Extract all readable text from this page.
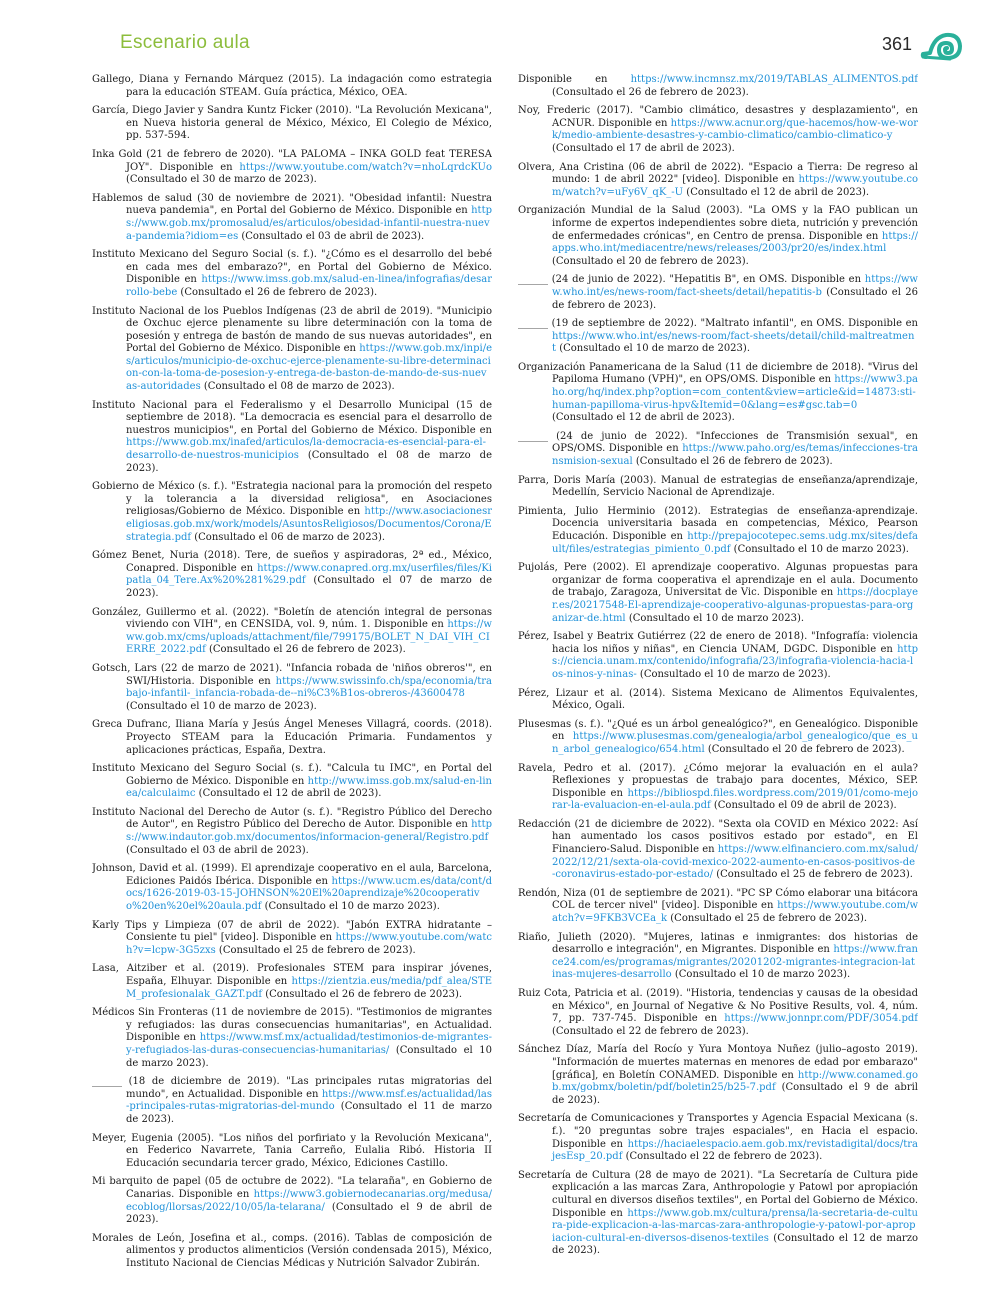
Escenario aula	361

Gallego, Diana y Fernando Márquez (2015). La indagación como estrategia para la educación STEAM. Guía práctica, México, OEA.

García, Diego Javier y Sandra Kuntz Ficker (2010). "La Revolución Mexicana", en Nueva historia general de México, México, El Colegio de México, pp. 537-594.

Inka Gold (21 de febrero de 2020). "LA PALOMA – INKA GOLD feat TERESA JOY". Disponible en https://www.youtube.com/watch?v=nhoLqrdcKUo (Consultado el 30 de marzo de 2023).

Hablemos de salud (30 de noviembre de 2021). "Obesidad infantil: Nuestra nueva pandemia", en Portal del Gobierno de México. Disponible en https://www.gob.mx/promosalud/es/articulos/obesidad-infantil-nuestra-nueva-pandemia?idiom=es (Consultado el 03 de abril de 2023).

Instituto Mexicano del Seguro Social (s. f.). "¿Cómo es el desarrollo del bebé en cada mes del embarazo?", en Portal del Gobierno de México. Disponible en https://www.imss.gob.mx/salud-en-linea/infografias/desarrollo-bebe (Consultado el 26 de febrero de 2023).

Instituto Nacional de los Pueblos Indígenas (23 de abril de 2019). "Municipio de Oxchuc ejerce plenamente su libre determinación con la toma de posesión y entrega de bastón de mando de sus nuevas autoridades", en Portal del Gobierno de México. Disponible en https://www.gob.mx/inpi/es/articulos/municipio-de-oxchuc-ejerce-plenamente-su-libre-determinacion-con-la-toma-de-posesion-y-entrega-de-baston-de-mando-de-sus-nuevas-autoridades (Consultado el 08 de marzo de 2023).

Instituto Nacional para el Federalismo y el Desarrollo Municipal (15 de septiembre de 2018). "La democracia es esencial para el desarrollo de nuestros municipios", en Portal del Gobierno de México. Disponible en https://www.gob.mx/inafed/articulos/la-democracia-es-esencial-para-el-desarrollo-de-nuestros-municipios (Consultado el 08 de marzo de 2023).

Gobierno de México (s. f.). "Estrategia nacional para la promoción del respeto y la tolerancia a la diversidad religiosa", en Asociaciones religiosas/Gobierno de México. Disponible en http://www.asociacionesreligiosas.gob.mx/work/models/AsuntosReligiosos/Documentos/Corona/Estrategia.pdf (Consultado el 06 de marzo de 2023).

Gómez Benet, Nuria (2018). Tere, de sueños y aspiradoras, 2ª ed., México, Conapred. Disponible en https://www.conapred.org.mx/userfiles/files/Kipatla_04_Tere.Ax%20%281%29.pdf (Consultado el 07 de marzo de 2023).

González, Guillermo et al. (2022). "Boletín de atención integral de personas viviendo con VIH", en CENSIDA, vol. 9, núm. 1. Disponible en https://www.gob.mx/cms/uploads/attachment/file/799175/BOLET_N_DAI_VIH_CIERRE_2022.pdf (Consultado el 26 de febrero de 2023).

Gotsch, Lars (22 de marzo de 2021). "Infancia robada de 'niños obreros'", en SWI/Historia. Disponible en https://www.swissinfo.ch/spa/economia/trabajo-infantil-_infancia-robada-de--ni%C3%B1os-obreros-/43600478 (Consultado el 10 de marzo de 2023).

Greca Dufranc, Iliana María y Jesús Ángel Meneses Villagrá, coords. (2018). Proyecto STEAM para la Educación Primaria. Fundamentos y aplicaciones prácticas, España, Dextra.

Instituto Mexicano del Seguro Social (s. f.). "Calcula tu IMC", en Portal del Gobierno de México. Disponible en http://www.imss.gob.mx/salud-en-linea/calculaimc (Consultado el 12 de abril de 2023).

Instituto Nacional del Derecho de Autor (s. f.). "Registro Público del Derecho de Autor", en Registro Público del Derecho de Autor. Disponible en https://www.indautor.gob.mx/documentos/informacion-general/Registro.pdf (Consultado el 03 de abril de 2023).

Johnson, David et al. (1999). El aprendizaje cooperativo en el aula, Barcelona, Ediciones Paidós Ibérica. Disponible en https://www.ucm.es/data/cont/docs/1626-2019-03-15-JOHNSON%20El%20aprendizaje%20cooperativo%20en%20el%20aula.pdf (Consultado el 10 de marzo 2023).

Karly Tips y Limpieza (07 de abril de 2022). "Jabón EXTRA hidratante – Consiente tu piel" [video]. Disponible en https://www.youtube.com/watch?v=lcpw-3G5zxs (Consultado el 25 de febrero de 2023).

Lasa, Aitziber et al. (2019). Profesionales STEM para inspirar jóvenes, España, Elhuyar. Disponible en https://zientzia.eus/media/pdf_alea/STEM_profesionalak_GAZT.pdf (Consultado el 26 de febrero de 2023).

Médicos Sin Fronteras (11 de noviembre de 2015). "Testimonios de migrantes y refugiados: las duras consecuencias humanitarias", en Actualidad. Disponible en https://www.msf.mx/actualidad/testimonios-de-migrantes-y-refugiados-las-duras-consecuencias-humanitarias/ (Consultado el 10 de marzo 2023).

______ (18 de diciembre de 2019). "Las principales rutas migratorias del mundo", en Actualidad. Disponible en https://www.msf.es/actualidad/las-principales-rutas-migratorias-del-mundo (Consultado el 11 de marzo de 2023).

Meyer, Eugenia (2005). "Los niños del porfiriato y la Revolución Mexicana", en Federico Navarrete, Tania Carreño, Eulalia Ribó. Historia II Educación secundaria tercer grado, México, Ediciones Castillo.

Mi barquito de papel (05 de octubre de 2022). "La telaraña", en Gobierno de Canarias. Disponible en https://www3.gobiernodecanarias.org/medusa/ecoblog/llorsas/2022/10/05/la-telarana/ (Consultado el 9 de abril de 2023).

Morales de León, Josefina et al., comps. (2016). Tablas de composición de alimentos y productos alimenticios (Versión condensada 2015), México, Instituto Nacional de Ciencias Médicas y Nutrición Salvador Zubirán.

Disponible en https://www.incmnsz.mx/2019/TABLAS_ALIMENTOS.pdf (Consultado el 26 de febrero de 2023).

Noy, Frederic (2017). "Cambio climático, desastres y desplazamiento", en ACNUR. Disponible en https://www.acnur.org/que-hacemos/how-we-work/medio-ambiente-desastres-y-cambio-climatico/cambio-climatico-y (Consultado el 17 de abril de 2023).

Olvera, Ana Cristina (06 de abril de 2022). "Espacio a Tierra: De regreso al mundo: 1 de abril 2022" [video]. Disponible en https://www.youtube.com/watch?v=uFy6V_qK_-U (Consultado el 12 de abril de 2023).

Organización Mundial de la Salud (2003). "La OMS y la FAO publican un informe de expertos independientes sobre dieta, nutrición y prevención de enfermedades crónicas", en Centro de prensa. Disponible en https://apps.who.int/mediacentre/news/releases/2003/pr20/es/index.html (Consultado el 20 de febrero de 2023).

______ (24 de junio de 2022). "Hepatitis B", en OMS. Disponible en https://www.who.int/es/news-room/fact-sheets/detail/hepatitis-b (Consultado el 26 de febrero de 2023).

______ (19 de septiembre de 2022). "Maltrato infantil", en OMS. Disponible en https://www.who.int/es/news-room/fact-sheets/detail/child-maltreatment (Consultado el 10 de marzo de 2023).

Organización Panamericana de la Salud (11 de diciembre de 2018). "Virus del Papiloma Humano (VPH)", en OPS/OMS. Disponible en https://www3.paho.org/hq/index.php?option=com_content&view=article&id=14873:sti-human-papilloma-virus-hpv&Itemid=0&lang=es#gsc.tab=0 (Consultado el 12 de abril de 2023).

______ (24 de junio de 2022). "Infecciones de Transmisión sexual", en OPS/OMS. Disponible en https://www.paho.org/es/temas/infecciones-transmision-sexual (Consultado el 26 de febrero de 2023).

Parra, Doris María (2003). Manual de estrategias de enseñanza/aprendizaje, Medellín, Servicio Nacional de Aprendizaje.

Pimienta, Julio Herminio (2012). Estrategias de enseñanza-aprendizaje. Docencia universitaria basada en competencias, México, Pearson Educación. Disponible en http://prepajocotepec.sems.udg.mx/sites/default/files/estrategias_pimiento_0.pdf (Consultado el 10 de marzo 2023).

Pujolás, Pere (2002). El aprendizaje cooperativo. Algunas propuestas para organizar de forma cooperativa el aprendizaje en el aula. Documento de trabajo, Zaragoza, Universitat de Vic. Disponible en https://docplayer.es/20217548-El-aprendizaje-cooperativo-algunas-propuestas-para-organizar-de.html (Consultado el 10 de marzo 2023).

Pérez, Isabel y Beatrix Gutiérrez (22 de enero de 2018). "Infografía: violencia hacia los niños y niñas", en Ciencia UNAM, DGDC. Disponible en https://ciencia.unam.mx/contenido/infografia/23/infografia-violencia-hacia-los-ninos-y-ninas- (Consultado el 10 de marzo de 2023).

Pérez, Lizaur et al. (2014). Sistema Mexicano de Alimentos Equivalentes, México, Ogali.

Plusesmas (s. f.). "¿Qué es un árbol genealógico?", en Genealógico. Disponible en https://www.plusesmas.com/genealogia/arbol_genealogico/que_es_un_arbol_genealogico/654.html (Consultado el 20 de febrero de 2023).

Ravela, Pedro et al. (2017). ¿Cómo mejorar la evaluación en el aula? Reflexiones y propuestas de trabajo para docentes, México, SEP. Disponible en https://bibliospd.files.wordpress.com/2019/01/como-mejorar-la-evaluacion-en-el-aula.pdf (Consultado el 09 de abril de 2023).

Redacción (21 de diciembre de 2022). "Sexta ola COVID en México 2022: Así han aumentado los casos positivos estado por estado", en El Financiero-Salud. Disponible en https://www.elfinanciero.com.mx/salud/2022/12/21/sexta-ola-covid-mexico-2022-aumento-en-casos-positivos-de-coronavirus-estado-por-estado/ (Consultado el 25 de febrero de 2023).

Rendón, Niza (01 de septiembre de 2021). "PC SP Cómo elaborar una bitácora COL de tercer nivel" [video]. Disponible en https://www.youtube.com/watch?v=9FKB3VCEa_k (Consultado el 25 de febrero de 2023).

Riaño, Julieth (2020). "Mujeres, latinas e inmigrantes: dos historias de desarrollo e integración", en Migrantes. Disponible en https://www.france24.com/es/programas/migrantes/20201202-migrantes-integracion-latinas-mujeres-desarrollo (Consultado el 10 de marzo 2023).

Ruiz Cota, Patricia et al. (2019). "Historia, tendencias y causas de la obesidad en México", en Journal of Negative & No Positive Results, vol. 4, núm. 7, pp. 737-745. Disponible en https://www.jonnpr.com/PDF/3054.pdf (Consultado el 22 de febrero de 2023).

Sánchez Díaz, María del Rocío y Yura Montoya Nuñez (julio–agosto 2019). "Información de muertes maternas en menores de edad por embarazo" [gráfica], en Boletín CONAMED. Disponible en http://www.conamed.gob.mx/gobmx/boletin/pdf/boletin25/b25-7.pdf (Consultado el 9 de abril de 2023).

Secretaría de Comunicaciones y Transportes y Agencia Espacial Mexicana (s. f.). "20 preguntas sobre trajes espaciales", en Hacia el espacio. Disponible en https://haciaelespacio.aem.gob.mx/revistadigital/docs/trajesEsp_20.pdf (Consultado el 22 de febrero de 2023).

Secretaría de Cultura (28 de mayo de 2021). "La Secretaría de Cultura pide explicación a las marcas Zara, Anthropologie y Patowl por apropiación cultural en diversos diseños textiles", en Portal del Gobierno de México. Disponible en https://www.gob.mx/cultura/prensa/la-secretaria-de-cultura-pide-explicacion-a-las-marcas-zara-anthropologie-y-patowl-por-apropiacion-cultural-en-diversos-disenos-textiles (Consultado el 12 de marzo de 2023).
